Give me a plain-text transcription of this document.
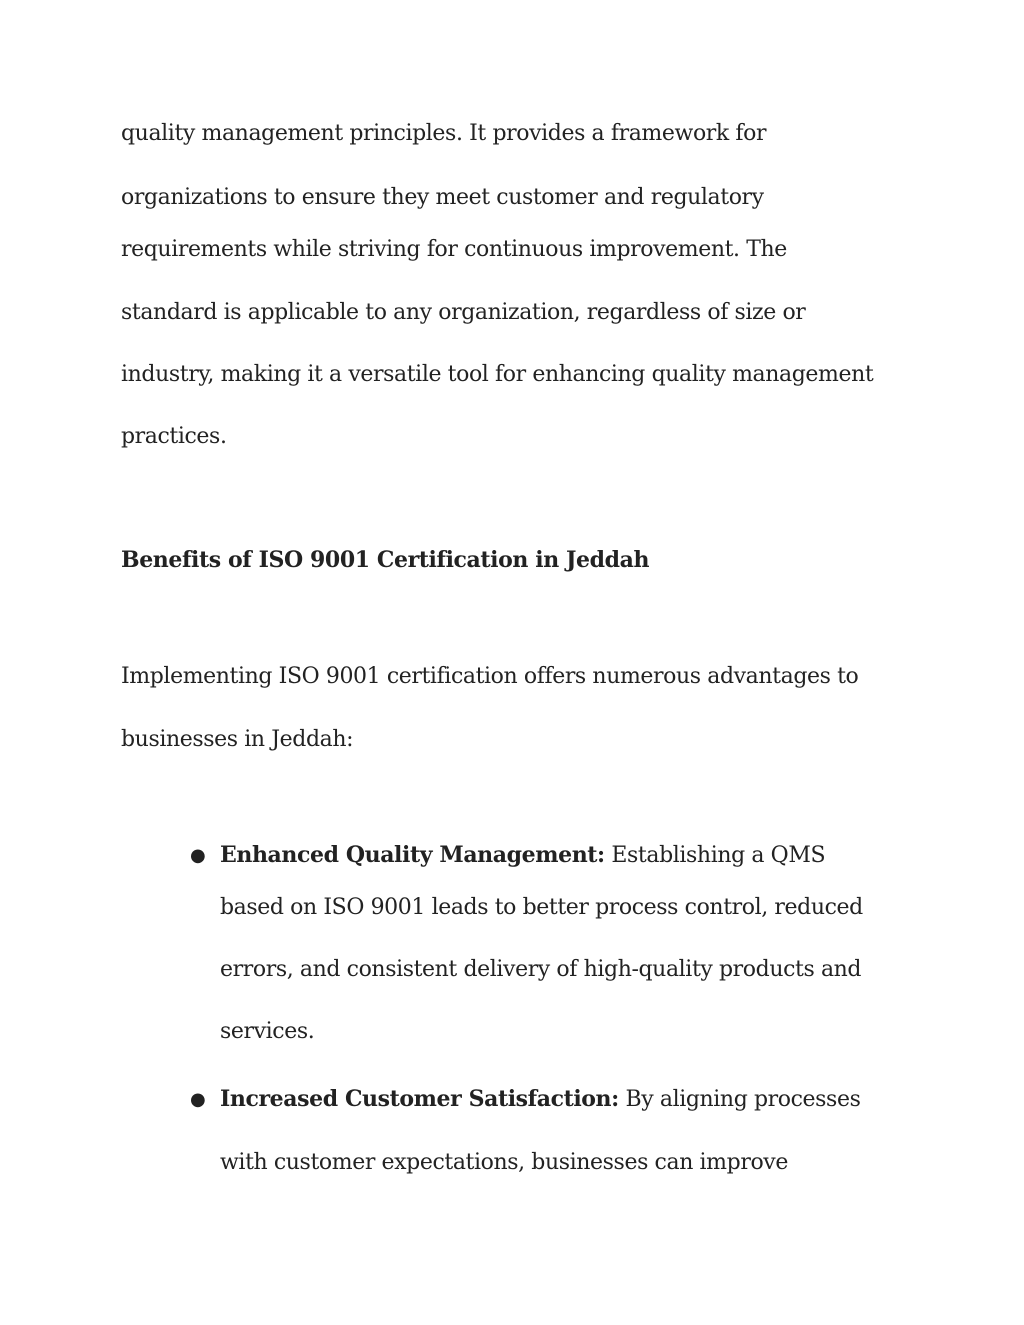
quality management principles. It provides a framework for
organizations to ensure they meet customer and regulatory
requirements while striving for continuous improvement. The
standard is applicable to any organization, regardless of size or
industry, making it a versatile tool for enhancing quality management
practices.
Benefits of ISO 9001 Certification in Jeddah
Implementing ISO 9001 certification offers numerous advantages to
businesses in Jeddah:
● Enhanced Quality Management: Establishing a QMS
based on ISO 9001 leads to better process control, reduced
errors, and consistent delivery of high-quality products and
services.
● Increased Customer Satisfaction: By aligning processes
with customer expectations, businesses can improve
